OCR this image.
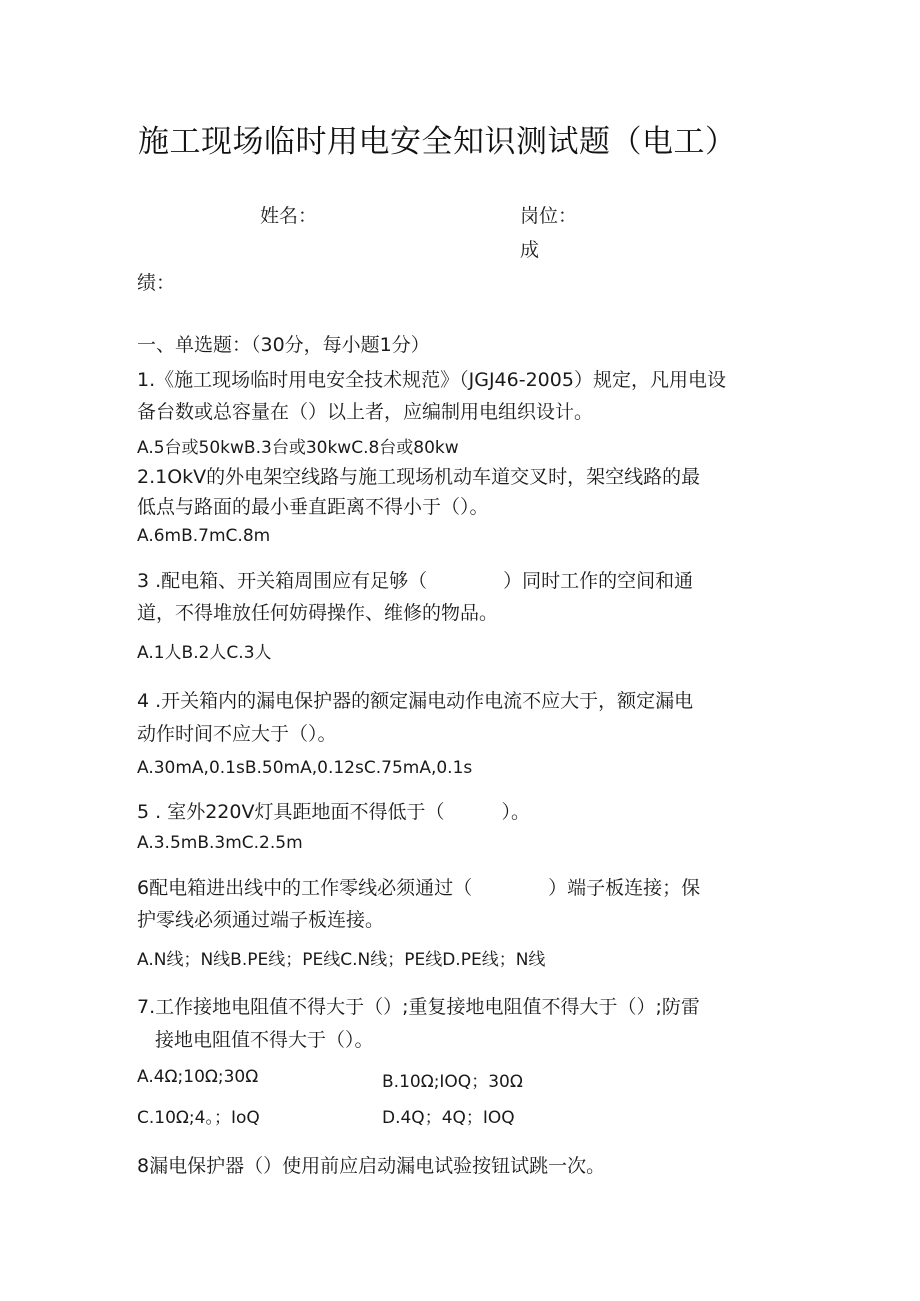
施工现场临时用电安全知识测试题（电工）
姓名：	岗位：
成
绩：
一、单选题：（30分，每小题1分）
1.《施工现场临时用电安全技术规范》（JGJ46-2005）规定，凡用电设
备台数或总容量在（）以上者，应编制用电组织设计。
A.5台或50kwB.3台或30kwC.8台或80kw
2.1OkV的外电架空线路与施工现场机动车道交叉时，架空线路的最
低点与路面的最小垂直距离不得小于（）。
A.6mB.7mC.8m
3 .配电箱、开关箱周围应有足够（　　　　）同时工作的空间和通
道，不得堆放任何妨碍操作、维修的物品。
A.1人B.2人C.3人
4 .开关箱内的漏电保护器的额定漏电动作电流不应大于，额定漏电
动作时间不应大于（）。
A.30mA,0.1sB.50mA,0.12sC.75mA,0.1s
5 . 室外220V灯具距地面不得低于（　　　）。
A.3.5mB.3mC.2.5m
6配电箱进出线中的工作零线必须通过（　　　　）端子板连接；保
护零线必须通过端子板连接。
A.N线；N线B.PE线；PE线C.N线；PE线D.PE线；N线
7.工作接地电阻值不得大于（）;重复接地电阻值不得大于（）;防雷
接地电阻值不得大于（）。
A.4Ω;10Ω;30Ω	B.10Ω;IOQ；30Ω
C.10Ω;4。；IoQ	D.4Q；4Q；IOQ
8漏电保护器（）使用前应启动漏电试验按钮试跳一次。
